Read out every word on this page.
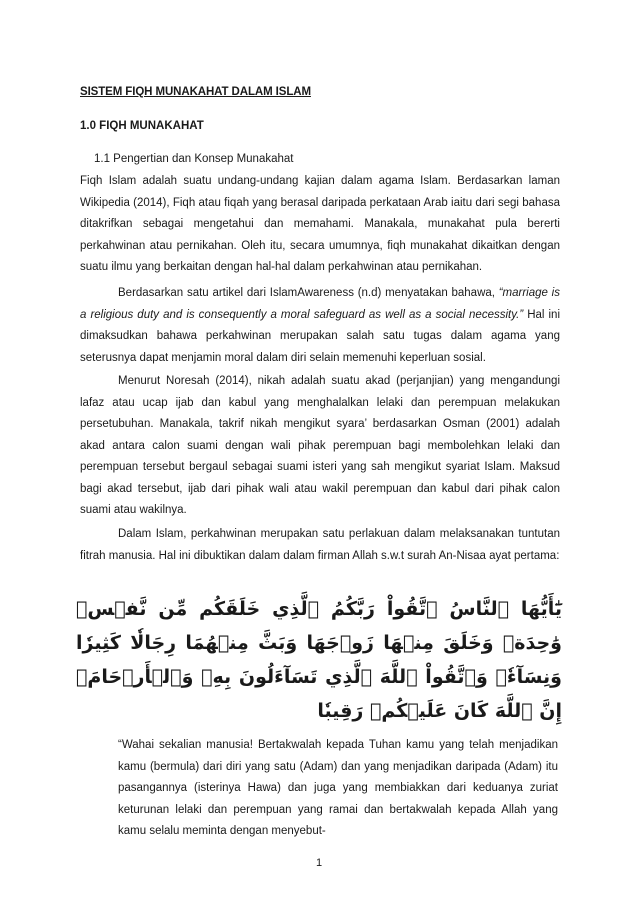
SISTEM FIQH MUNAKAHAT DALAM ISLAM
1.0 FIQH MUNAKAHAT
1.1 Pengertian dan Konsep Munakahat
Fiqh Islam adalah suatu undang-undang kajian dalam agama Islam. Berdasarkan laman Wikipedia (2014), Fiqh atau fiqah yang berasal daripada perkataan Arab iaitu dari segi bahasa ditakrifkan sebagai mengetahui dan memahami. Manakala, munakahat pula bererti perkahwinan atau pernikahan. Oleh itu, secara umumnya, fiqh munakahat dikaitkan dengan suatu ilmu yang berkaitan dengan hal-hal dalam perkahwinan atau pernikahan.
Berdasarkan satu artikel dari IslamAwareness (n.d) menyatakan bahawa, “marriage is a religious duty and is consequently a moral safeguard as well as a social necessity.” Hal ini dimaksudkan bahawa perkahwinan merupakan salah satu tugas dalam agama yang seterusnya dapat menjamin moral dalam diri selain memenuhi keperluan sosial.
Menurut Noresah (2014), nikah adalah suatu akad (perjanjian) yang mengandungi lafaz atau ucap ijab dan kabul yang menghalalkan lelaki dan perempuan melakukan persetubuhan. Manakala, takrif nikah mengikut syara’ berdasarkan Osman (2001) adalah akad antara calon suami dengan wali pihak perempuan bagi membolehkan lelaki dan perempuan tersebut bergaul sebagai suami isteri yang sah mengikut syariat Islam. Maksud bagi akad tersebut, ijab dari pihak wali atau wakil perempuan dan kabul dari pihak calon suami atau wakilnya.
Dalam Islam, perkahwinan merupakan satu perlakuan dalam melaksanakan tuntutan fitrah manusia. Hal ini dibuktikan dalam dalam firman Allah s.w.t surah An-Nisaa ayat pertama:
يَٰٓأَيُّهَا ٱلنَّاسُ ٱتَّقُواْ رَبَّكُمُ ٱلَّذِي خَلَقَكُم مِّن نَّفۡسٖ وَٰحِدَةٖ وَخَلَقَ مِنۡهَا زَوۡجَهَا وَبَثَّ مِنۡهُمَا رِجَالٗا كَثِيرٗا وَنِسَآءٗۚ وَٱتَّقُواْ ٱللَّهَ ٱلَّذِي تَسَآءَلُونَ بِهِۦ وَٱلۡأَرۡحَامَۚ إِنَّ ٱللَّهَ كَانَ عَلَيۡكُمۡ رَقِيبٗا
“Wahai sekalian manusia! Bertakwalah kepada Tuhan kamu yang telah menjadikan kamu (bermula) dari diri yang satu (Adam) dan yang menjadikan daripada (Adam) itu pasangannya (isterinya Hawa) dan juga yang membiakkan dari keduanya zuriat keturunan lelaki dan perempuan yang ramai dan bertakwalah kepada Allah yang kamu selalu meminta dengan menyebut-
1
